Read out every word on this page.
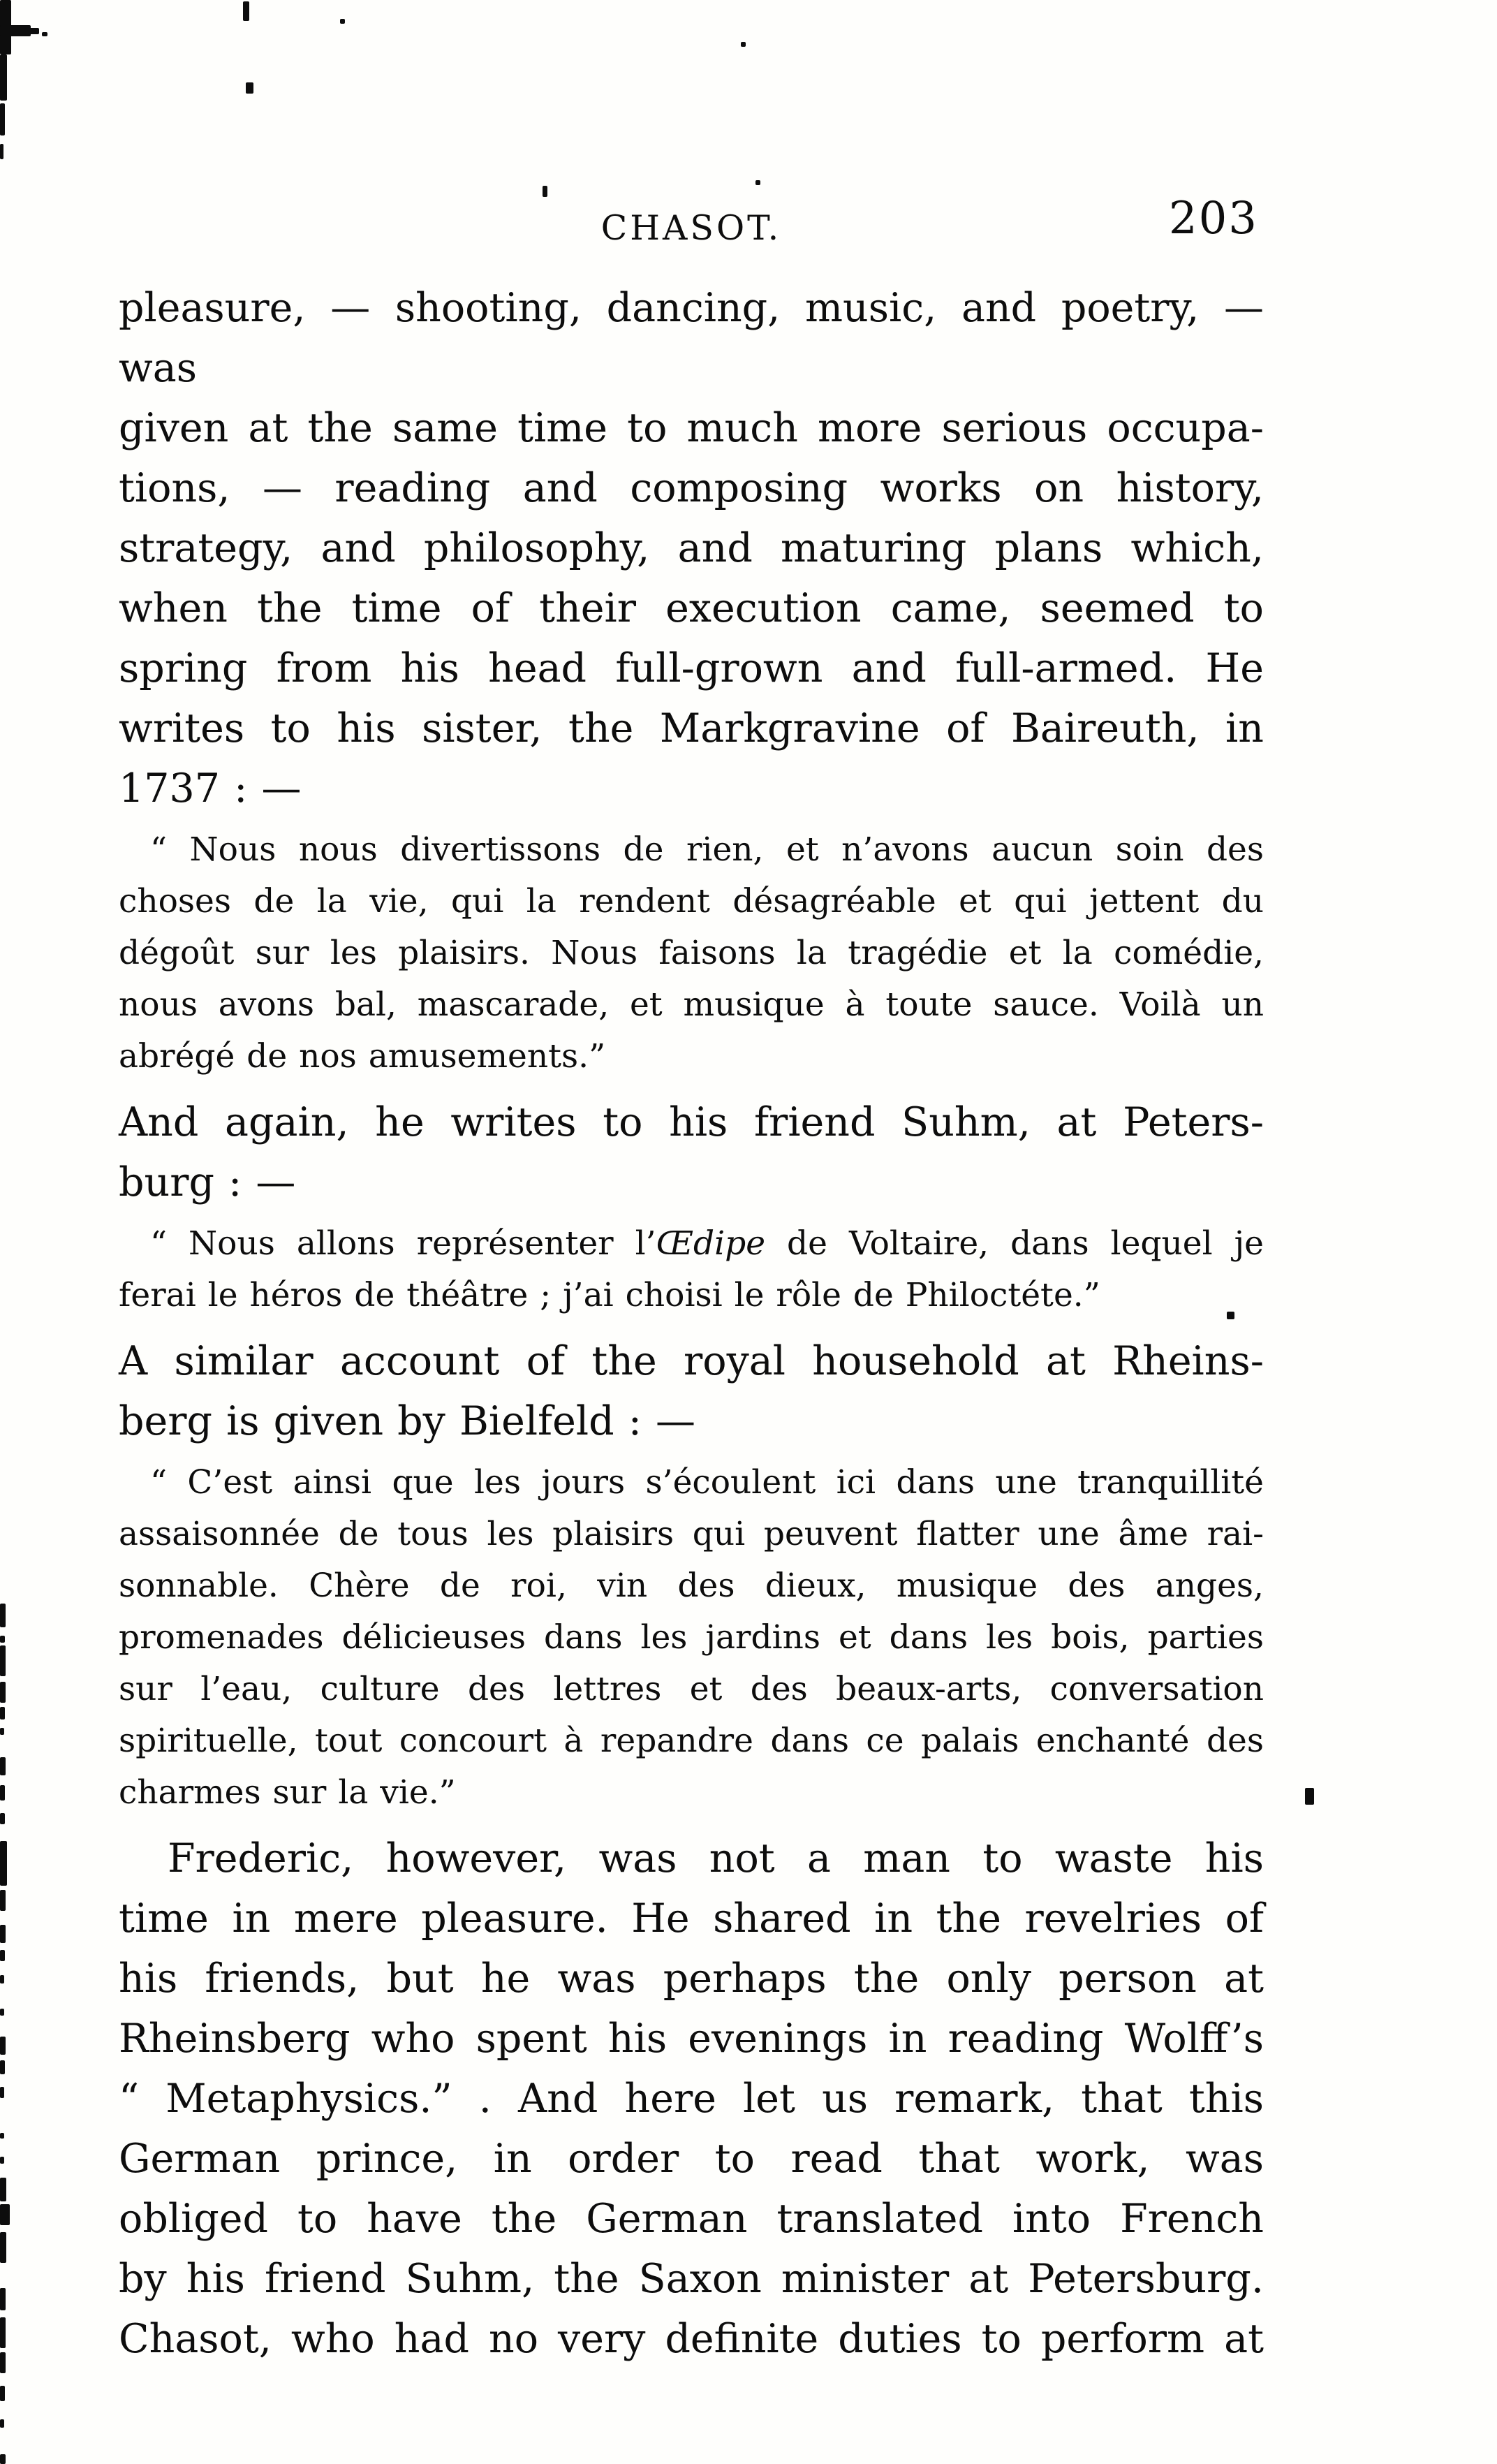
CHASOT.	203
pleasure, — shooting, dancing, music, and poetry, — was
given at the same time to much more serious occupa-
tions, — reading and composing works on history,
strategy, and philosophy, and maturing plans which,
when the time of their execution came, seemed to
spring from his head full-grown and full-armed. He
writes to his sister, the Markgravine of Baireuth, in
1737 : —
“ Nous nous divertissons de rien, et n’avons aucun soin des
choses de la vie, qui la rendent désagréable et qui jettent du
dégoût sur les plaisirs. Nous faisons la tragédie et la comédie,
nous avons bal, mascarade, et musique à toute sauce. Voilà un
abrégé de nos amusements.”
And again, he writes to his friend Suhm, at Peters-
burg : —
“ Nous allons représenter l’Œdipe de Voltaire, dans lequel je
ferai le héros de théâtre ; j’ai choisi le rôle de Philoctéte.”
A similar account of the royal household at Rheins-
berg is given by Bielfeld : —
“ C’est ainsi que les jours s’écoulent ici dans une tranquillité
assaisonnée de tous les plaisirs qui peuvent flatter une âme rai-
sonnable. Chère de roi, vin des dieux, musique des anges,
promenades délicieuses dans les jardins et dans les bois, parties
sur l’eau, culture des lettres et des beaux-arts, conversation
spirituelle, tout concourt à repandre dans ce palais enchanté des
charmes sur la vie.”
Frederic, however, was not a man to waste his
time in mere pleasure. He shared in the revelries of
his friends, but he was perhaps the only person at
Rheinsberg who spent his evenings in reading Wolff’s
“ Metaphysics.” . And here let us remark, that this
German prince, in order to read that work, was
obliged to have the German translated into French
by his friend Suhm, the Saxon minister at Petersburg.
Chasot, who had no very definite duties to perform at
